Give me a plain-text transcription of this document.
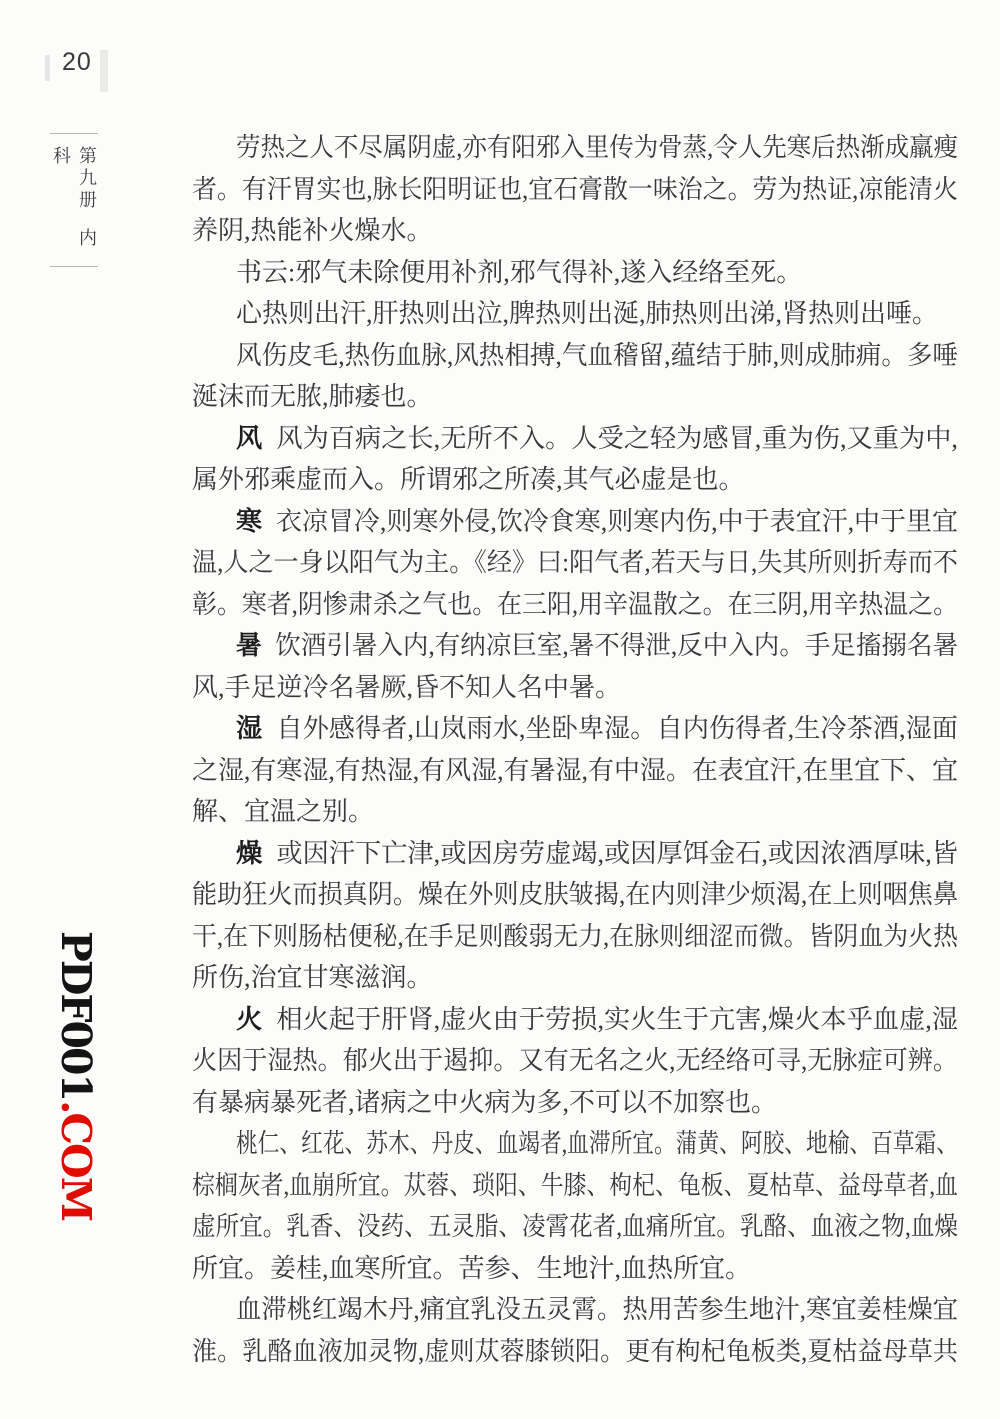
20
第九册内科
PDF001.COM
劳热之人不尽属阴虚,亦有阳邪入里传为骨蒸,令人先寒后热渐成羸瘦
者。有汗胃实也,脉长阳明证也,宜石膏散一味治之。劳为热证,凉能清火
养阴,热能补火燥水。
书云:邪气未除便用补剂,邪气得补,遂入经络至死。
心热则出汗,肝热则出泣,脾热则出涎,肺热则出涕,肾热则出唾。
风伤皮毛,热伤血脉,风热相搏,气血稽留,蕴结于肺,则成肺痈。多唾
涎沫而无脓,肺痿也。
风 风为百病之长,无所不入。人受之轻为感冒,重为伤,又重为中,
属外邪乘虚而入。所谓邪之所凑,其气必虚是也。
寒 衣凉冒冷,则寒外侵,饮冷食寒,则寒内伤,中于表宜汗,中于里宜
温,人之一身以阳气为主。《经》曰:阳气者,若天与日,失其所则折寿而不
彰。寒者,阴惨肃杀之气也。在三阳,用辛温散之。在三阴,用辛热温之。
暑 饮酒引暑入内,有纳凉巨室,暑不得泄,反中入内。手足搐搦名暑
风,手足逆冷名暑厥,昏不知人名中暑。
湿 自外感得者,山岚雨水,坐卧卑湿。自内伤得者,生冷茶酒,湿面
之湿,有寒湿,有热湿,有风湿,有暑湿,有中湿。在表宜汗,在里宜下、宜
解、宜温之别。
燥 或因汗下亡津,或因房劳虚竭,或因厚饵金石,或因浓酒厚味,皆
能助狂火而损真阴。燥在外则皮肤皱揭,在内则津少烦渴,在上则咽焦鼻
干,在下则肠枯便秘,在手足则酸弱无力,在脉则细涩而微。皆阴血为火热
所伤,治宜甘寒滋润。
火 相火起于肝肾,虚火由于劳损,实火生于亢害,燥火本乎血虚,湿
火因于湿热。郁火出于遏抑。又有无名之火,无经络可寻,无脉症可辨。
有暴病暴死者,诸病之中火病为多,不可以不加察也。
桃仁、红花、苏木、丹皮、血竭者,血滞所宜。蒲黄、阿胶、地榆、百草霜、
棕榈灰者,血崩所宜。苁蓉、琐阳、牛膝、枸杞、龟板、夏枯草、益母草者,血
虚所宜。乳香、没药、五灵脂、凌霄花者,血痛所宜。乳酪、血液之物,血燥
所宜。姜桂,血寒所宜。苦参、生地汁,血热所宜。
血滞桃红竭木丹,痛宜乳没五灵霄。热用苦参生地汁,寒宜姜桂燥宜
淮。乳酪血液加灵物,虚则苁蓉膝锁阳。更有枸杞龟板类,夏枯益母草共
